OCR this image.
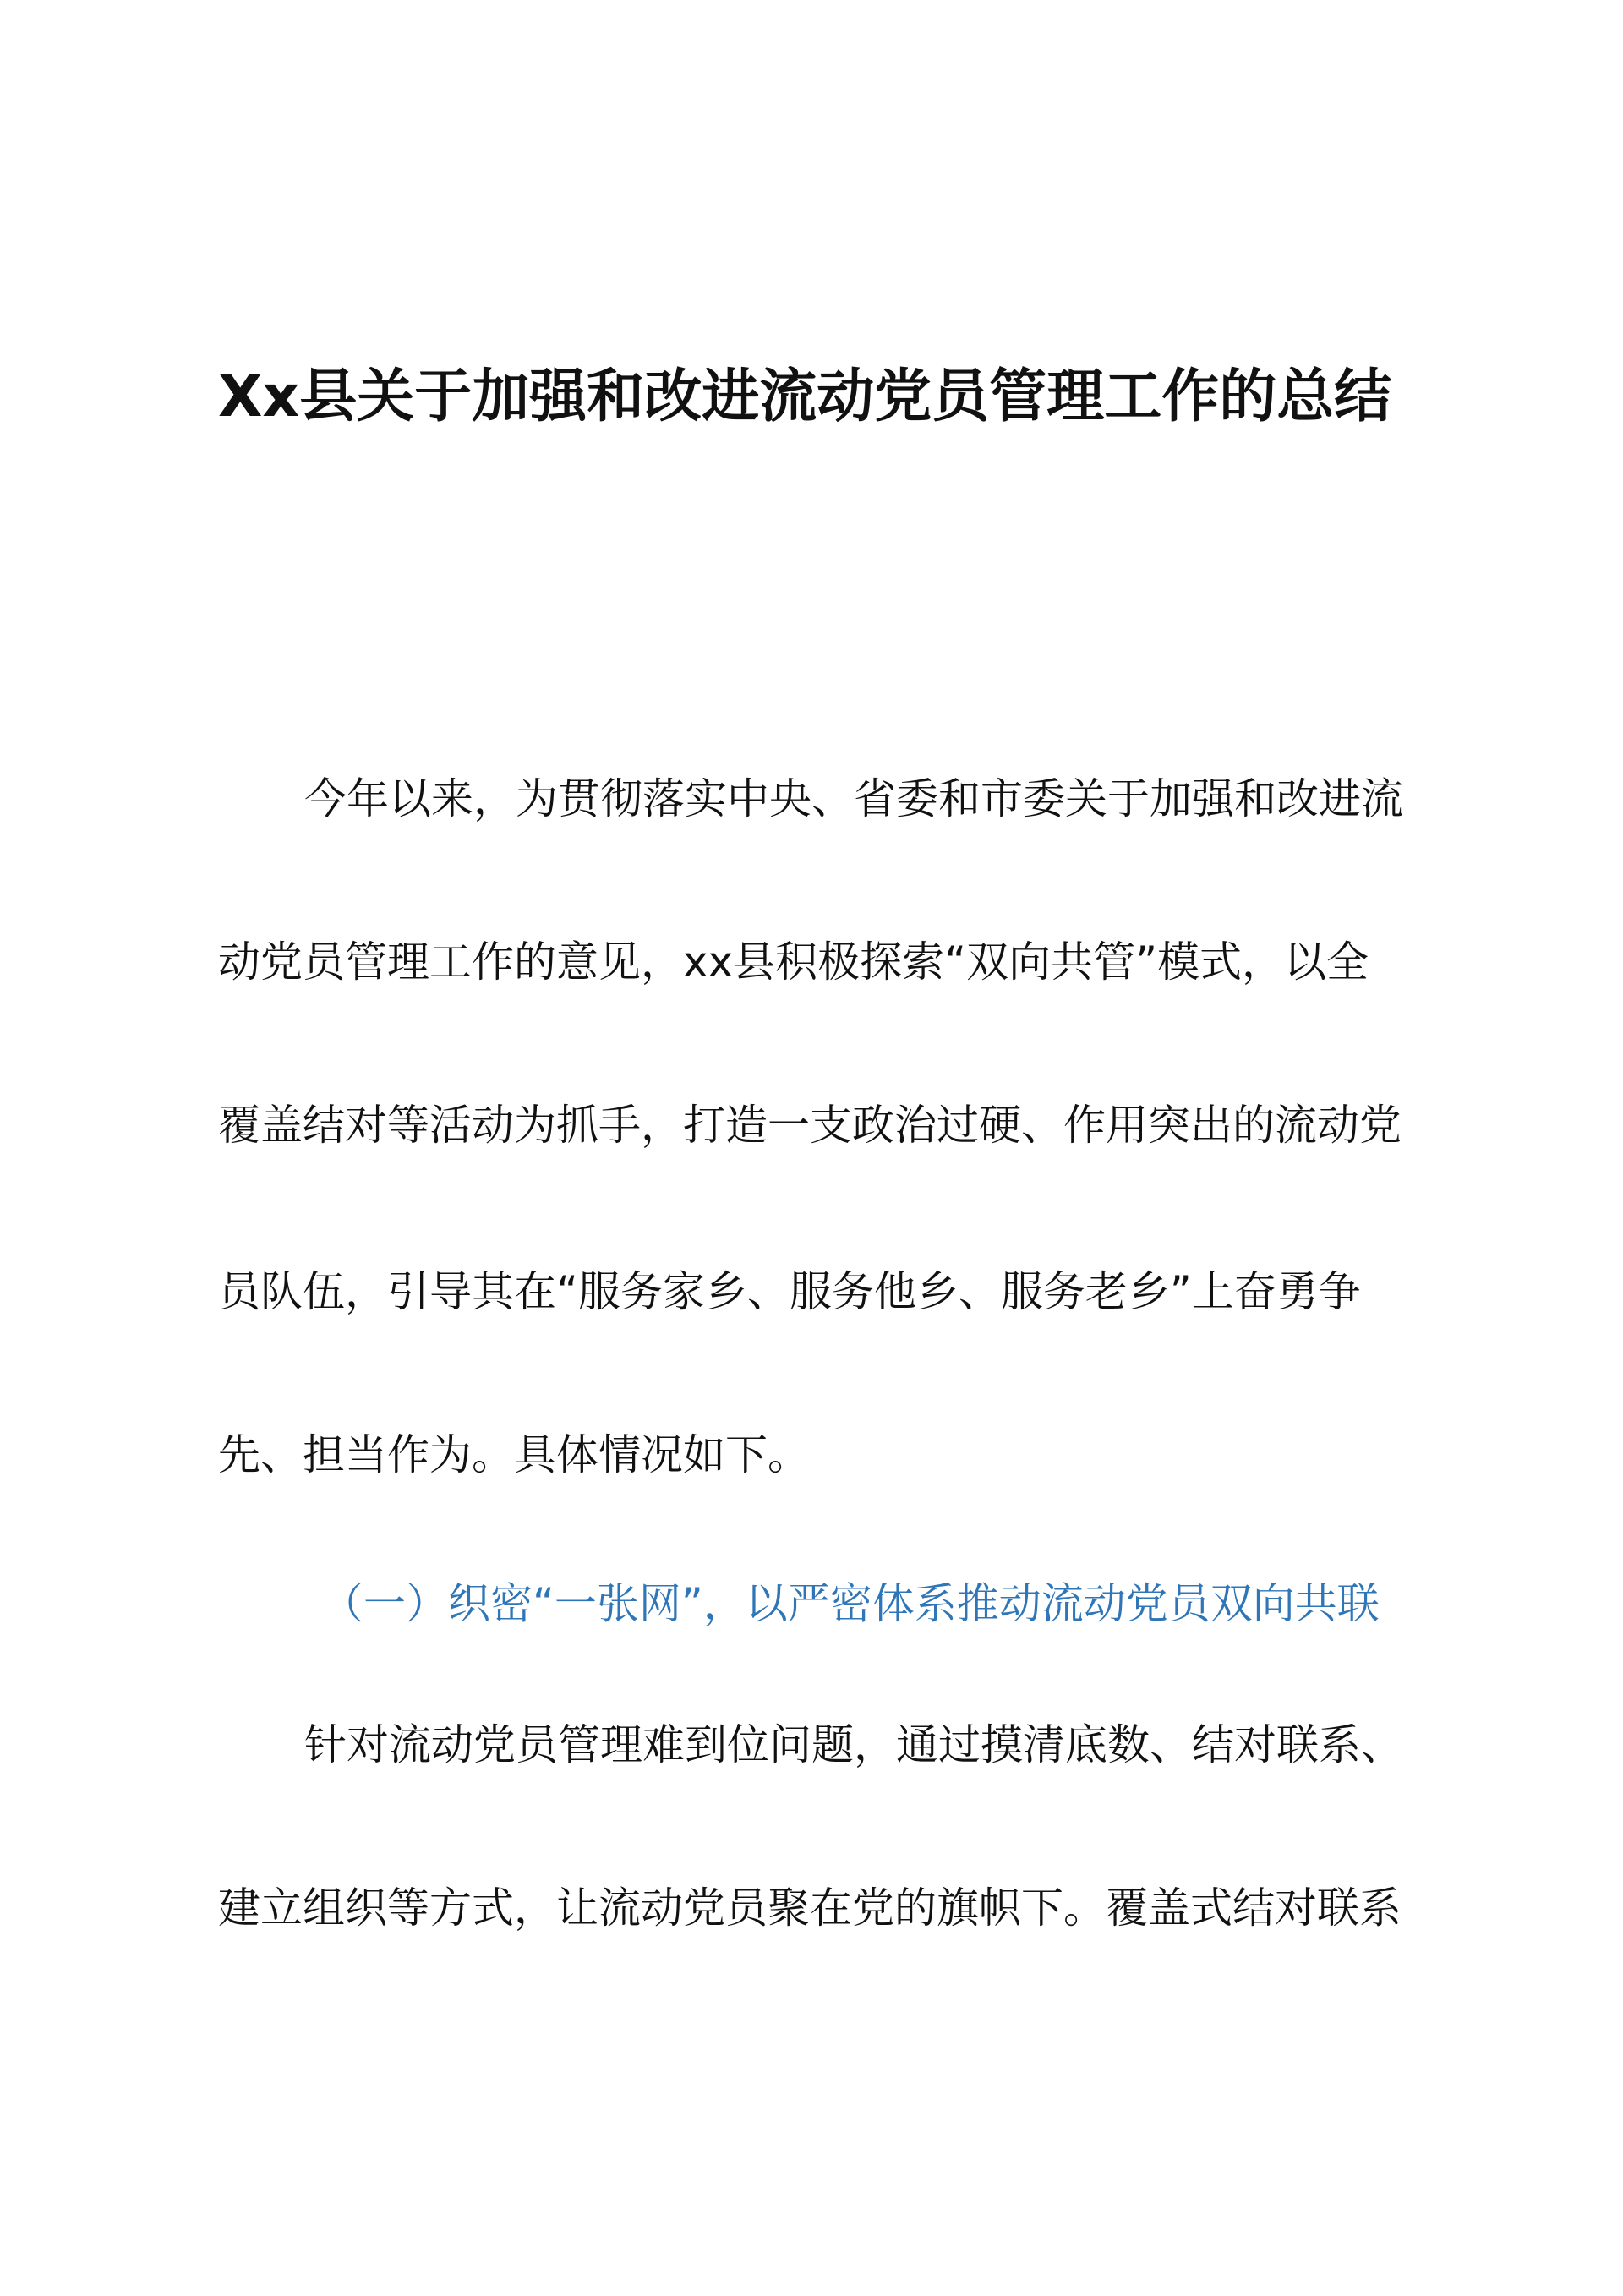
Xx县关于加强和改进流动党员管理工作的总结
今年以来，为贯彻落实中央、省委和市委关于加强和改进流
动党员管理工作的意见，xx县积极探索“双向共管”模式，以全
覆盖结对等活动为抓手，打造一支政治过硬、作用突出的流动党
员队伍，引导其在“服务家乡、服务他乡、服务老乡”上奋勇争
先、担当作为。具体情况如下。
（一）织密“一张网”，以严密体系推动流动党员双向共联
针对流动党员管理难到位问题，通过摸清底数、结对联系、
建立组织等方式，让流动党员聚在党的旗帜下。覆盖式结对联系
